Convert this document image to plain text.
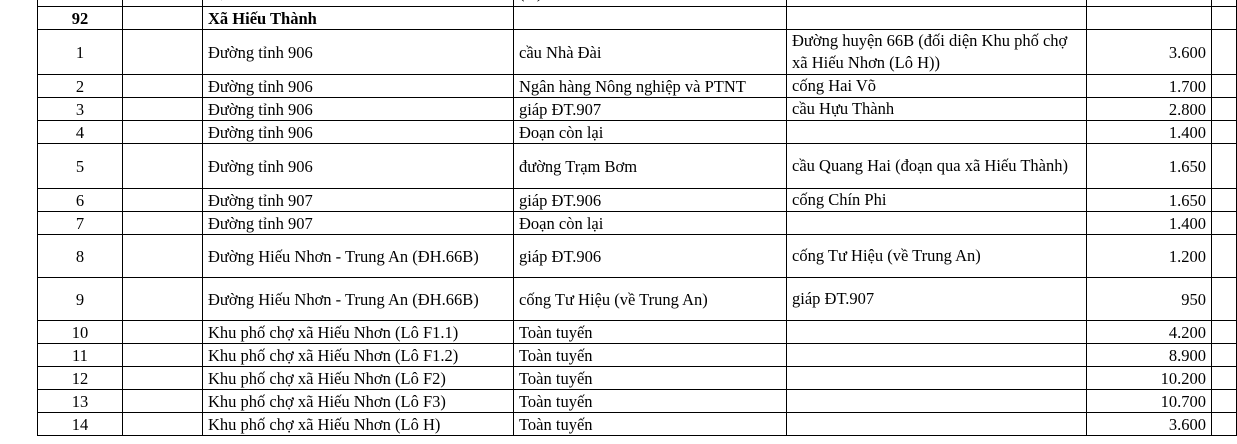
92		Xã Hiếu Thành				
1		Đường tỉnh 906	cầu Nhà Đài	Đường huyện 66B (đối diện Khu phố chợ xã Hiếu Nhơn (Lô H))	3.600	
2		Đường tỉnh 906	Ngân hàng Nông nghiệp và PTNT	cống Hai Võ	1.700	
3		Đường tỉnh 906	giáp ĐT.907	cầu Hựu Thành	2.800	
4		Đường tỉnh 906	Đoạn còn lại		1.400	
5		Đường tỉnh 906	đường Trạm Bơm	cầu Quang Hai (đoạn qua xã Hiếu Thành)	1.650	
6		Đường tỉnh 907	giáp ĐT.906	cống Chín Phi	1.650	
7		Đường tỉnh 907	Đoạn còn lại		1.400	
8		Đường Hiếu Nhơn - Trung An (ĐH.66B)	giáp ĐT.906	cống Tư Hiệu (về Trung An)	1.200	
9		Đường Hiếu Nhơn - Trung An (ĐH.66B)	cống Tư Hiệu (về Trung An)	giáp ĐT.907	950	
10		Khu phố chợ xã Hiếu Nhơn (Lô F1.1)	Toàn tuyến		4.200	
11		Khu phố chợ xã Hiếu Nhơn (Lô F1.2)	Toàn tuyến		8.900	
12		Khu phố chợ xã Hiếu Nhơn (Lô F2)	Toàn tuyến		10.200	
13		Khu phố chợ xã Hiếu Nhơn (Lô F3)	Toàn tuyến		10.700	
14		Khu phố chợ xã Hiếu Nhơn (Lô H)	Toàn tuyến		3.600	
